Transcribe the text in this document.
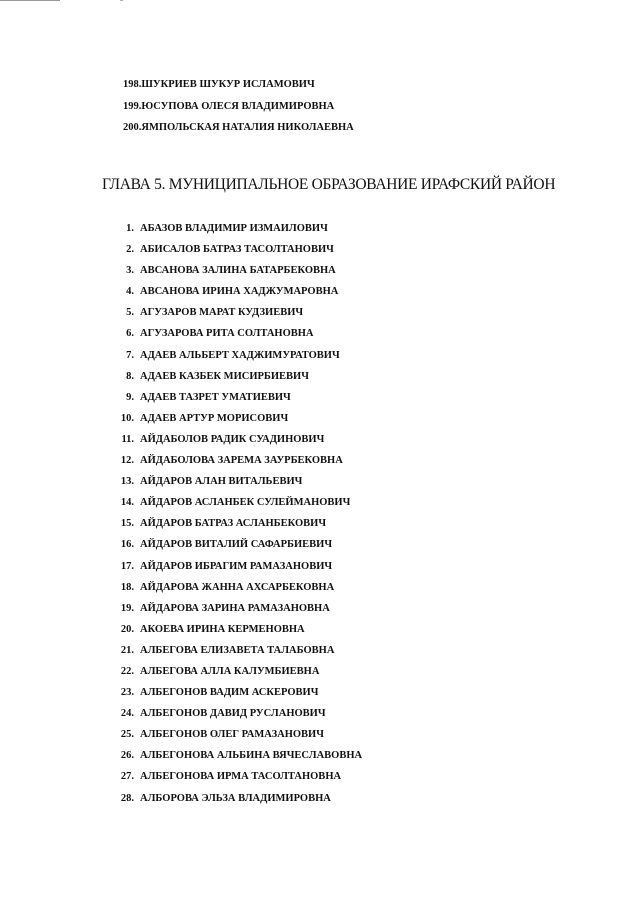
198.ШУКРИЕВ ШУКУР ИСЛАМОВИЧ
199.ЮСУПОВА ОЛЕСЯ ВЛАДИМИРОВНА
200.ЯМПОЛЬСКАЯ НАТАЛИЯ НИКОЛАЕВНА
ГЛАВА 5. МУНИЦИПАЛЬНОЕ ОБРАЗОВАНИЕ ИРАФСКИЙ РАЙОН
1. АБАЗОВ ВЛАДИМИР ИЗМАИЛОВИЧ
2. АБИСАЛОВ БАТРАЗ ТАСОЛТАНОВИЧ
3. АВСАНОВА ЗАЛИНА БАТАРБЕКОВНА
4. АВСАНОВА ИРИНА ХАДЖУМАРОВНА
5. АГУЗАРОВ МАРАТ КУДЗИЕВИЧ
6. АГУЗАРОВА РИТА СОЛТАНОВНА
7. АДАЕВ АЛЬБЕРТ ХАДЖИМУРАТОВИЧ
8. АДАЕВ КАЗБЕК МИСИРБИЕВИЧ
9. АДАЕВ ТАЗРЕТ УМАТИЕВИЧ
10. АДАЕВ АРТУР МОРИСОВИЧ
11. АЙДАБОЛОВ РАДИК СУАДИНОВИЧ
12. АЙДАБОЛОВА ЗАРЕМА ЗАУРБЕКОВНА
13. АЙДАРОВ АЛАН ВИТАЛЬЕВИЧ
14. АЙДАРОВ АСЛАНБЕК СУЛЕЙМАНОВИЧ
15. АЙДАРОВ БАТРАЗ АСЛАНБЕКОВИЧ
16. АЙДАРОВ ВИТАЛИЙ САФАРБИЕВИЧ
17. АЙДАРОВ ИБРАГИМ РАМАЗАНОВИЧ
18. АЙДАРОВА ЖАННА АХСАРБЕКОВНА
19. АЙДАРОВА ЗАРИНА РАМАЗАНОВНА
20. АКОЕВА ИРИНА КЕРМЕНОВНА
21. АЛБЕГОВА ЕЛИЗАВЕТА ТАЛАБОВНА
22. АЛБЕГОВА АЛЛА КАЛУМБИЕВНА
23. АЛБЕГОНОВ ВАДИМ АСКЕРОВИЧ
24. АЛБЕГОНОВ ДАВИД РУСЛАНОВИЧ
25. АЛБЕГОНОВ ОЛЕГ РАМАЗАНОВИЧ
26. АЛБЕГОНОВА АЛЬБИНА ВЯЧЕСЛАВОВНА
27. АЛБЕГОНОВА ИРМА ТАСОЛТАНОВНА
28. АЛБОРОВА ЭЛЬЗА ВЛАДИМИРОВНА
